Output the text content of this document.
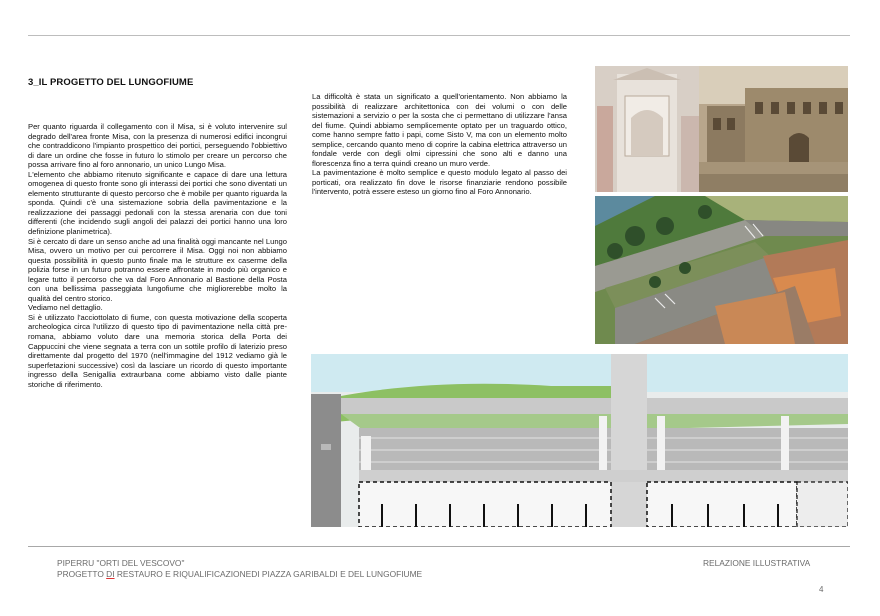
3_IL PROGETTO DEL LUNGOFIUME

Per quanto riguarda il collegamento con il Misa, si è voluto intervenire sul degrado dell'area fronte Misa, con la presenza di numerosi edifici incongrui che contraddicono l'impianto prospettico dei portici, perseguendo l'obbiettivo di dare un ordine che fosse in futuro lo stimolo per creare un percorso che possa arrivare fino al foro annonario, un unico Lungo Misa.

L'elemento che abbiamo ritenuto significante e capace di dare una lettura omogenea di questo fronte sono gli interassi dei portici che sono diventati un elemento strutturante di questo percorso che è mobile per quanto riguarda la sponda. Quindi c'è una sistemazione sobria della pavimentazione e la realizzazione dei passaggi pedonali con la stessa arenaria con due toni differenti (che incidendo sugli angoli dei palazzi dei portici hanno una loro definizione planimetrica).

Si è cercato di dare un senso anche ad una finalità oggi mancante nel Lungo Misa, ovvero un motivo per cui percorrere il Misa. Oggi noi non abbiamo questa possibilità in questo punto finale ma le strutture ex caserme della polizia forse in un futuro potranno essere affrontate in modo più organico e legare tutto il percorso che va dal Foro Annonario al Bastione della Posta con una bellissima passeggiata lungofiume che migliorerebbe molto la qualità del centro storico.

Vediamo nel dettaglio.

Si è utilizzato l'acciottolato di fiume, con questa motivazione della scoperta archeologica circa l'utilizzo di questo tipo di pavimentazione nella città pre-romana, abbiamo voluto dare una memoria storica della Porta dei Cappuccini che viene segnata a terra con un sottile profilo di laterizio preso direttamente dal progetto del 1970 (nell'immagine del 1912 vediamo già le superfetazioni successive) così da lasciare un ricordo di questo importante ingresso della Senigallia extraurbana come abbiamo visto dalle piante storiche di riferimento.

La difficoltà è stata un significato a quell'orientamento. Non abbiamo la possibilità di realizzare architettonica con dei volumi o con delle sistemazioni a servizio o per la sosta che ci permettano di utilizzare l'ansa del fiume. Quindi abbiamo semplicemente optato per un traguardo ottico, come hanno sempre fatto i papi, come Sisto V, ma con un elemento molto semplice, cercando quanto meno di coprire la cabina elettrica attraverso un fondale verde con degli olmi cipressini che sono alti e danno una florescenza fino a terra quindi creano un muro verde.

La pavimentazione è molto semplice e questo modulo legato al passo dei porticati, ora realizzato fin dove le risorse finanziarie rendono possibile l'intervento, potrà essere esteso un giorno fino al Foro Annonario.

PIPERRU "ORTI DEL VESCOVO"
PROGETTO DI RESTAURO E RIQUALIFICAZIONEDI PIAZZA GARIBALDI E DEL LUNGOFIUME
RELAZIONE ILLUSTRATIVA
4
